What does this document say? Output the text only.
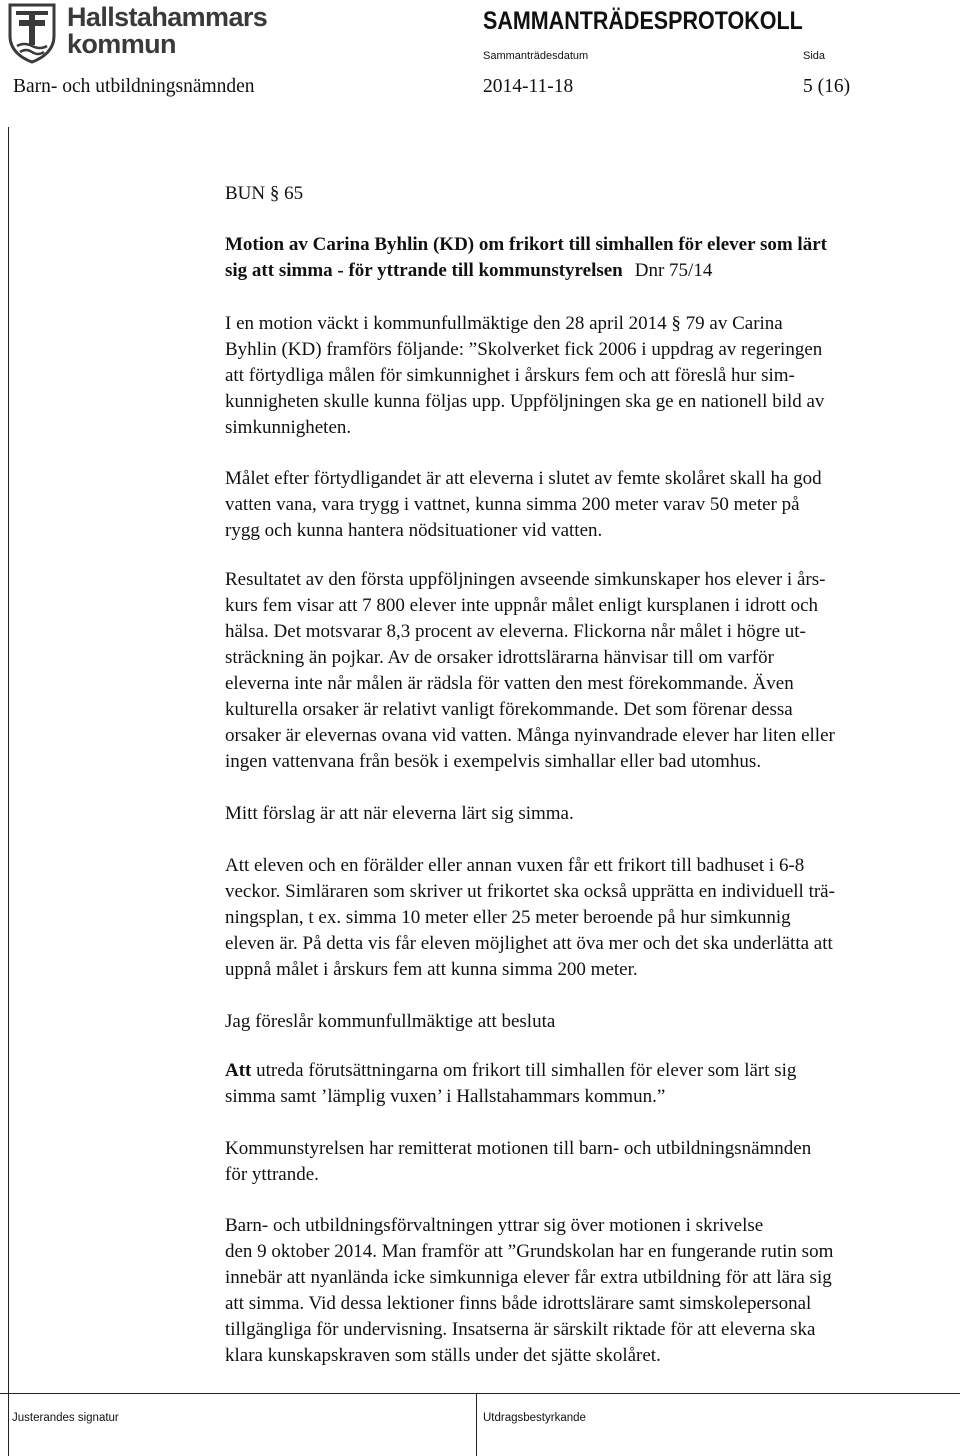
Hallstahammars
kommun
SAMMANTRÄDESPROTOKOLL
Sammanträdesdatum	Sida
Barn- och utbildningsnämnden	2014-11-18	5 (16)
BUN § 65
Motion av Carina Byhlin (KD) om frikort till simhallen för elever som lärt
sig att simma - för yttrande till kommunstyrelsen Dnr 75/14
I en motion väckt i kommunfullmäktige den 28 april 2014 § 79 av Carina
Byhlin (KD) framförs följande: ”Skolverket fick 2006 i uppdrag av regeringen
att förtydliga målen för simkunnighet i årskurs fem och att föreslå hur sim-
kunnigheten skulle kunna följas upp. Uppföljningen ska ge en nationell bild av
simkunnigheten.
Målet efter förtydligandet är att eleverna i slutet av femte skolåret skall ha god
vatten vana, vara trygg i vattnet, kunna simma 200 meter varav 50 meter på
rygg och kunna hantera nödsituationer vid vatten.
Resultatet av den första uppföljningen avseende simkunskaper hos elever i års-
kurs fem visar att 7 800 elever inte uppnår målet enligt kursplanen i idrott och
hälsa. Det motsvarar 8,3 procent av eleverna. Flickorna når målet i högre ut-
sträckning än pojkar. Av de orsaker idrottslärarna hänvisar till om varför
eleverna inte når målen är rädsla för vatten den mest förekommande. Även
kulturella orsaker är relativt vanligt förekommande. Det som förenar dessa
orsaker är elevernas ovana vid vatten. Många nyinvandrade elever har liten eller
ingen vattenvana från besök i exempelvis simhallar eller bad utomhus.
Mitt förslag är att när eleverna lärt sig simma.
Att eleven och en förälder eller annan vuxen får ett frikort till badhuset i 6-8
veckor. Simläraren som skriver ut frikortet ska också upprätta en individuell trä-
ningsplan, t ex. simma 10 meter eller 25 meter beroende på hur simkunnig
eleven är. På detta vis får eleven möjlighet att öva mer och det ska underlätta att
uppnå målet i årskurs fem att kunna simma 200 meter.
Jag föreslår kommunfullmäktige att besluta
Att utreda förutsättningarna om frikort till simhallen för elever som lärt sig
simma samt ’lämplig vuxen’ i Hallstahammars kommun.”
Kommunstyrelsen har remitterat motionen till barn- och utbildningsnämnden
för yttrande.
Barn- och utbildningsförvaltningen yttrar sig över motionen i skrivelse
den 9 oktober 2014. Man framför att ”Grundskolan har en fungerande rutin som
innebär att nyanlända icke simkunniga elever får extra utbildning för att lära sig
att simma. Vid dessa lektioner finns både idrottslärare samt simskolepersonal
tillgängliga för undervisning. Insatserna är särskilt riktade för att eleverna ska
klara kunskapskraven som ställs under det sjätte skolåret.
Justerandes signatur	Utdragsbestyrkande
